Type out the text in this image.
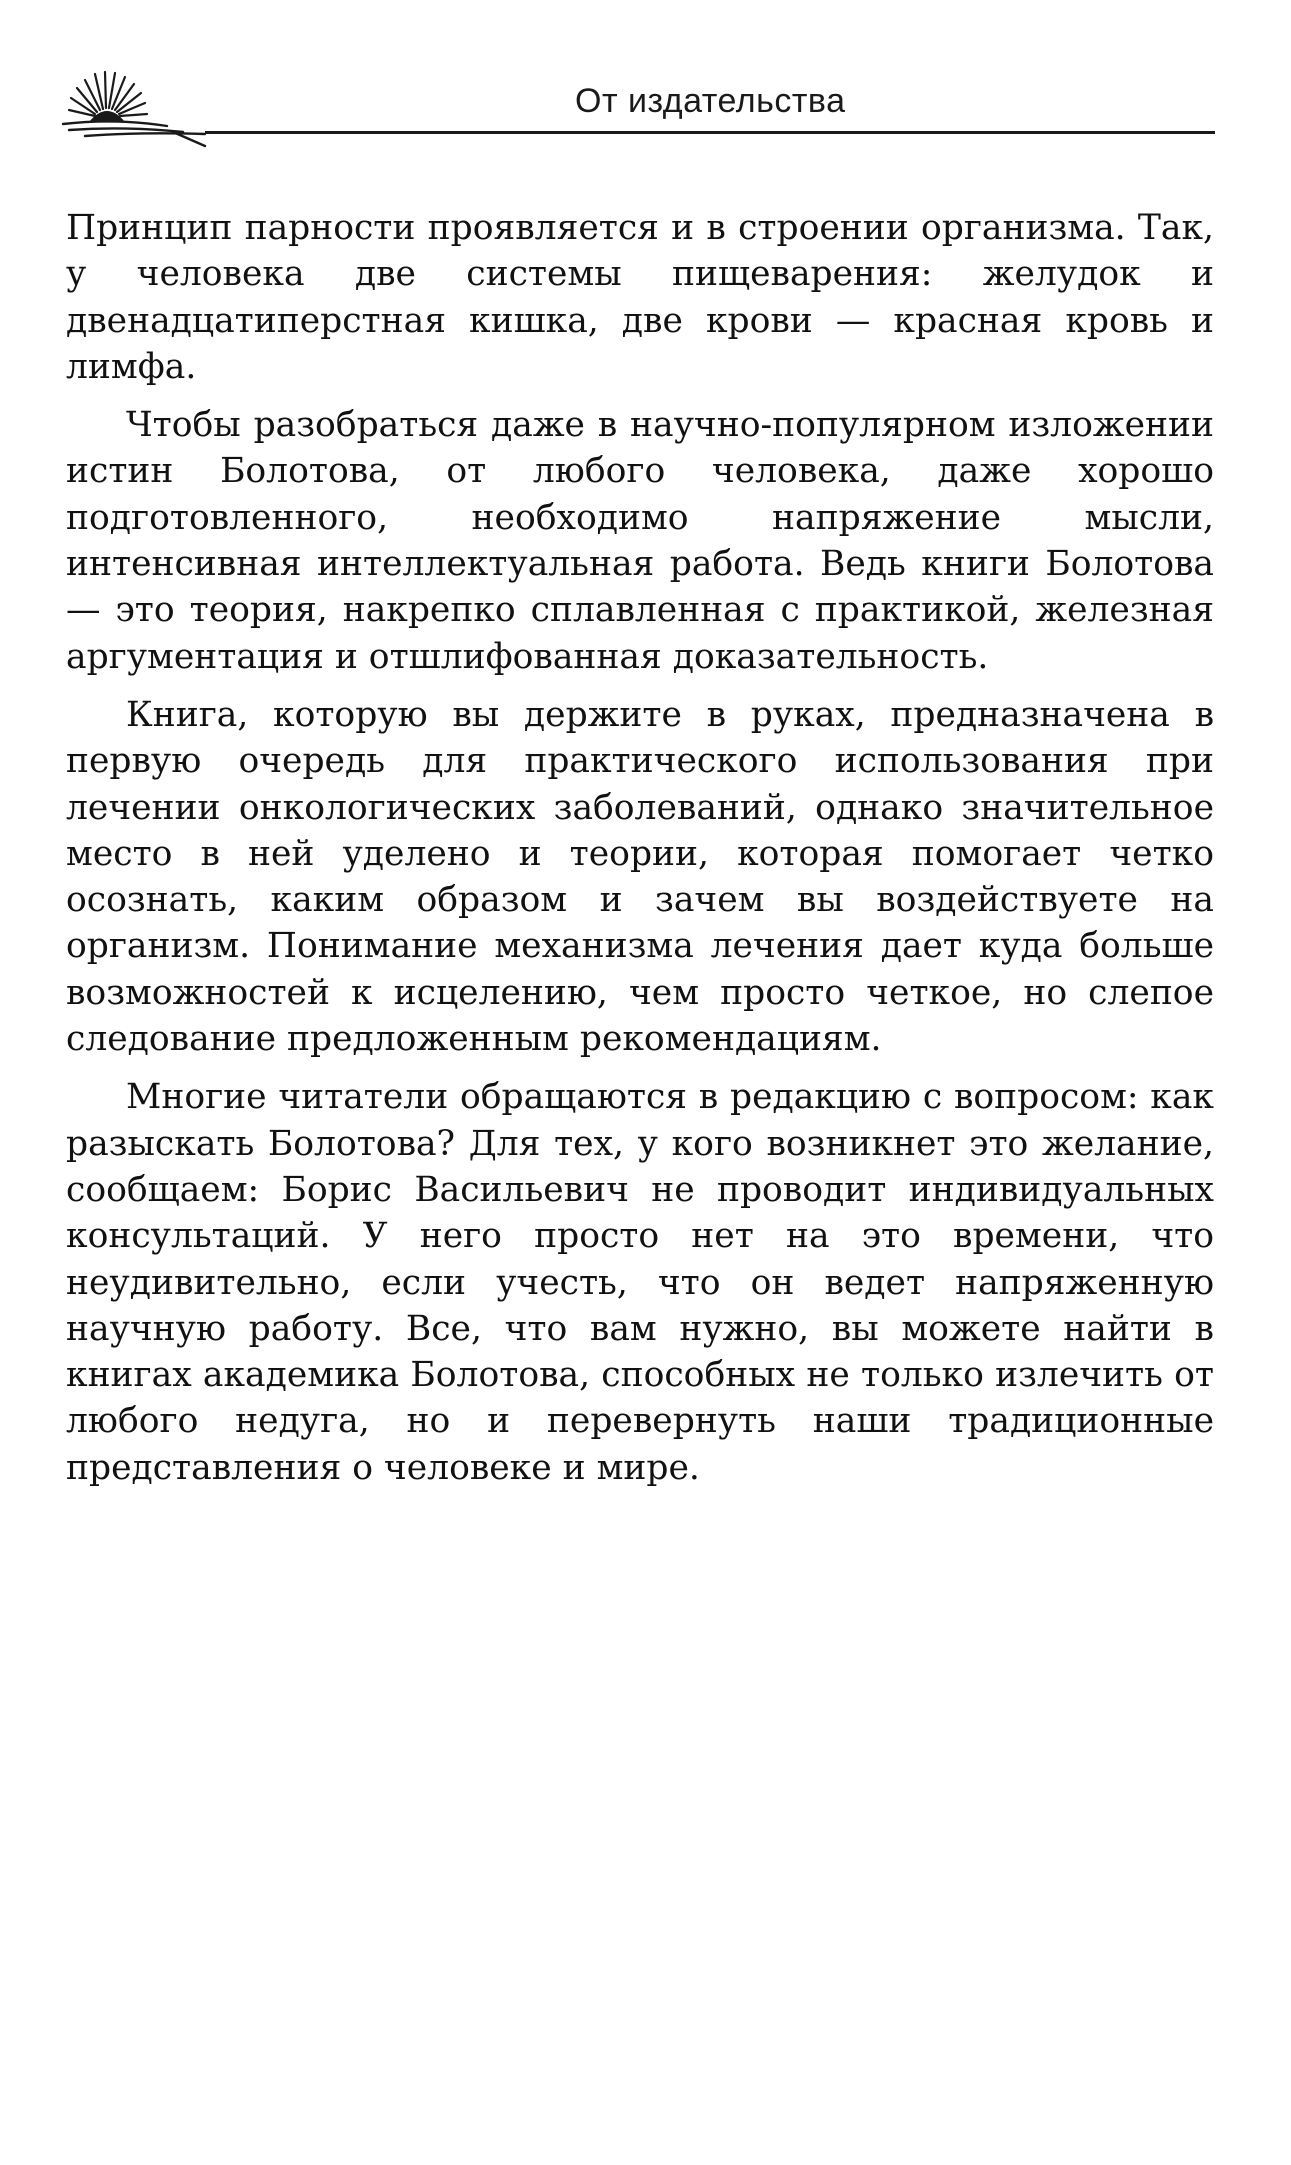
От издательства

Принцип парности проявляется и в строении организма. Так, у человека две системы пищеварения: желудок и двенадцатиперстная кишка, две крови — красная кровь и лимфа.

Чтобы разобраться даже в научно-популярном изложении истин Болотова, от любого человека, даже хорошо подготовленного, необходимо напряжение мысли, интенсивная интеллектуальная работа. Ведь книги Болотова — это теория, накрепко сплавленная с практикой, железная аргументация и отшлифованная доказательность.

Книга, которую вы держите в руках, предназначена в первую очередь для практического использования при лечении онкологических заболеваний, однако значительное место в ней уделено и теории, которая помогает четко осознать, каким образом и зачем вы воздействуете на организм. Понимание механизма лечения дает куда больше возможностей к исцелению, чем просто четкое, но слепое следование предложенным рекомендациям.

Многие читатели обращаются в редакцию с вопросом: как разыскать Болотова? Для тех, у кого возникнет это желание, сообщаем: Борис Васильевич не проводит индивидуальных консультаций. У него просто нет на это времени, что неудивительно, если учесть, что он ведет напряженную научную работу. Все, что вам нужно, вы можете найти в книгах академика Болотова, способных не только излечить от любого недуга, но и перевернуть наши традиционные представления о человеке и мире.
